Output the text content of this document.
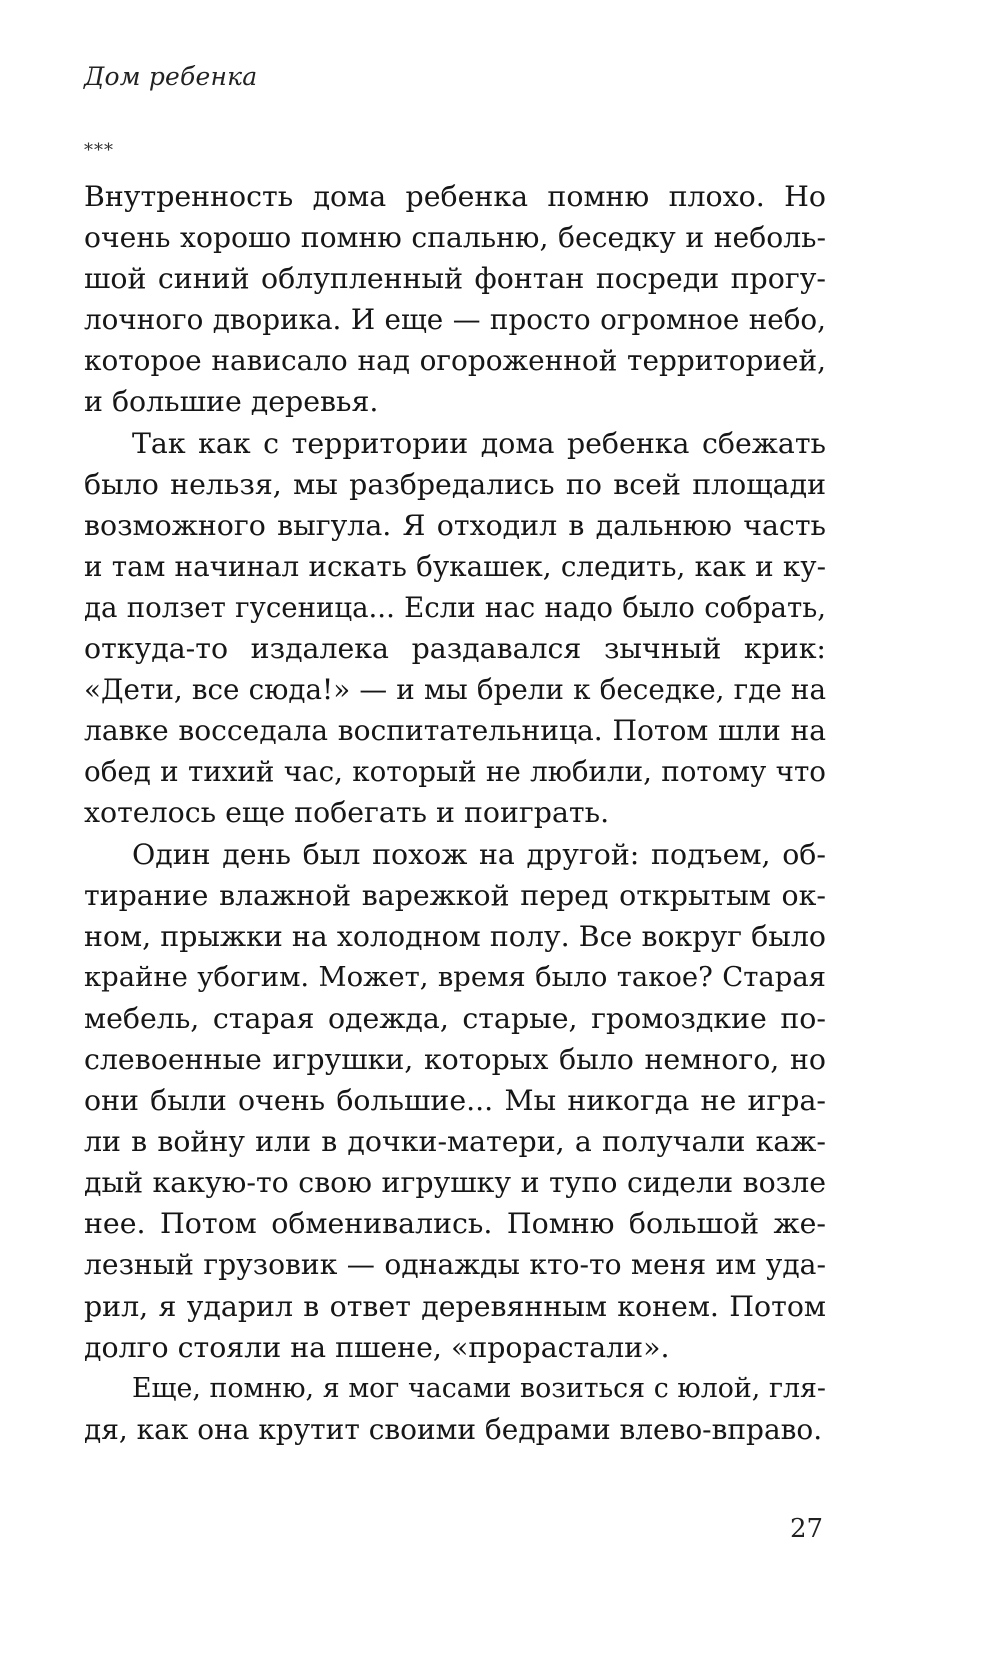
Дом ребенка
***
Внутренность дома ребенка помню плохо. Но
очень хорошо помню спальню, беседку и неболь-
шой синий облупленный фонтан посреди прогу-
лочного дворика. И еще — просто огромное небо,
которое нависало над огороженной территорией,
и большие деревья.
Так как с территории дома ребенка сбежать
было нельзя, мы разбредались по всей площади
возможного выгула. Я отходил в дальнюю часть
и там начинал искать букашек, следить, как и ку-
да ползет гусеница... Если нас надо было собрать,
откуда-то издалека раздавался зычный крик:
«Дети, все сюда!» — и мы брели к беседке, где на
лавке восседала воспитательница. Потом шли на
обед и тихий час, который не любили, потому что
хотелось еще побегать и поиграть.
Один день был похож на другой: подъем, об-
тирание влажной варежкой перед открытым ок-
ном, прыжки на холодном полу. Все вокруг было
крайне убогим. Может, время было такое? Старая
мебель, старая одежда, старые, громоздкие по-
слевоенные игрушки, которых было немного, но
они были очень большие... Мы никогда не игра-
ли в войну или в дочки-матери, а получали каж-
дый какую-то свою игрушку и тупо сидели возле
нее. Потом обменивались. Помню большой же-
лезный грузовик — однажды кто-то меня им уда-
рил, я ударил в ответ деревянным конем. Потом
долго стояли на пшене, «прорастали».
Еще, помню, я мог часами возиться с юлой, гля-
дя, как она крутит своими бедрами влево-вправо.
27
